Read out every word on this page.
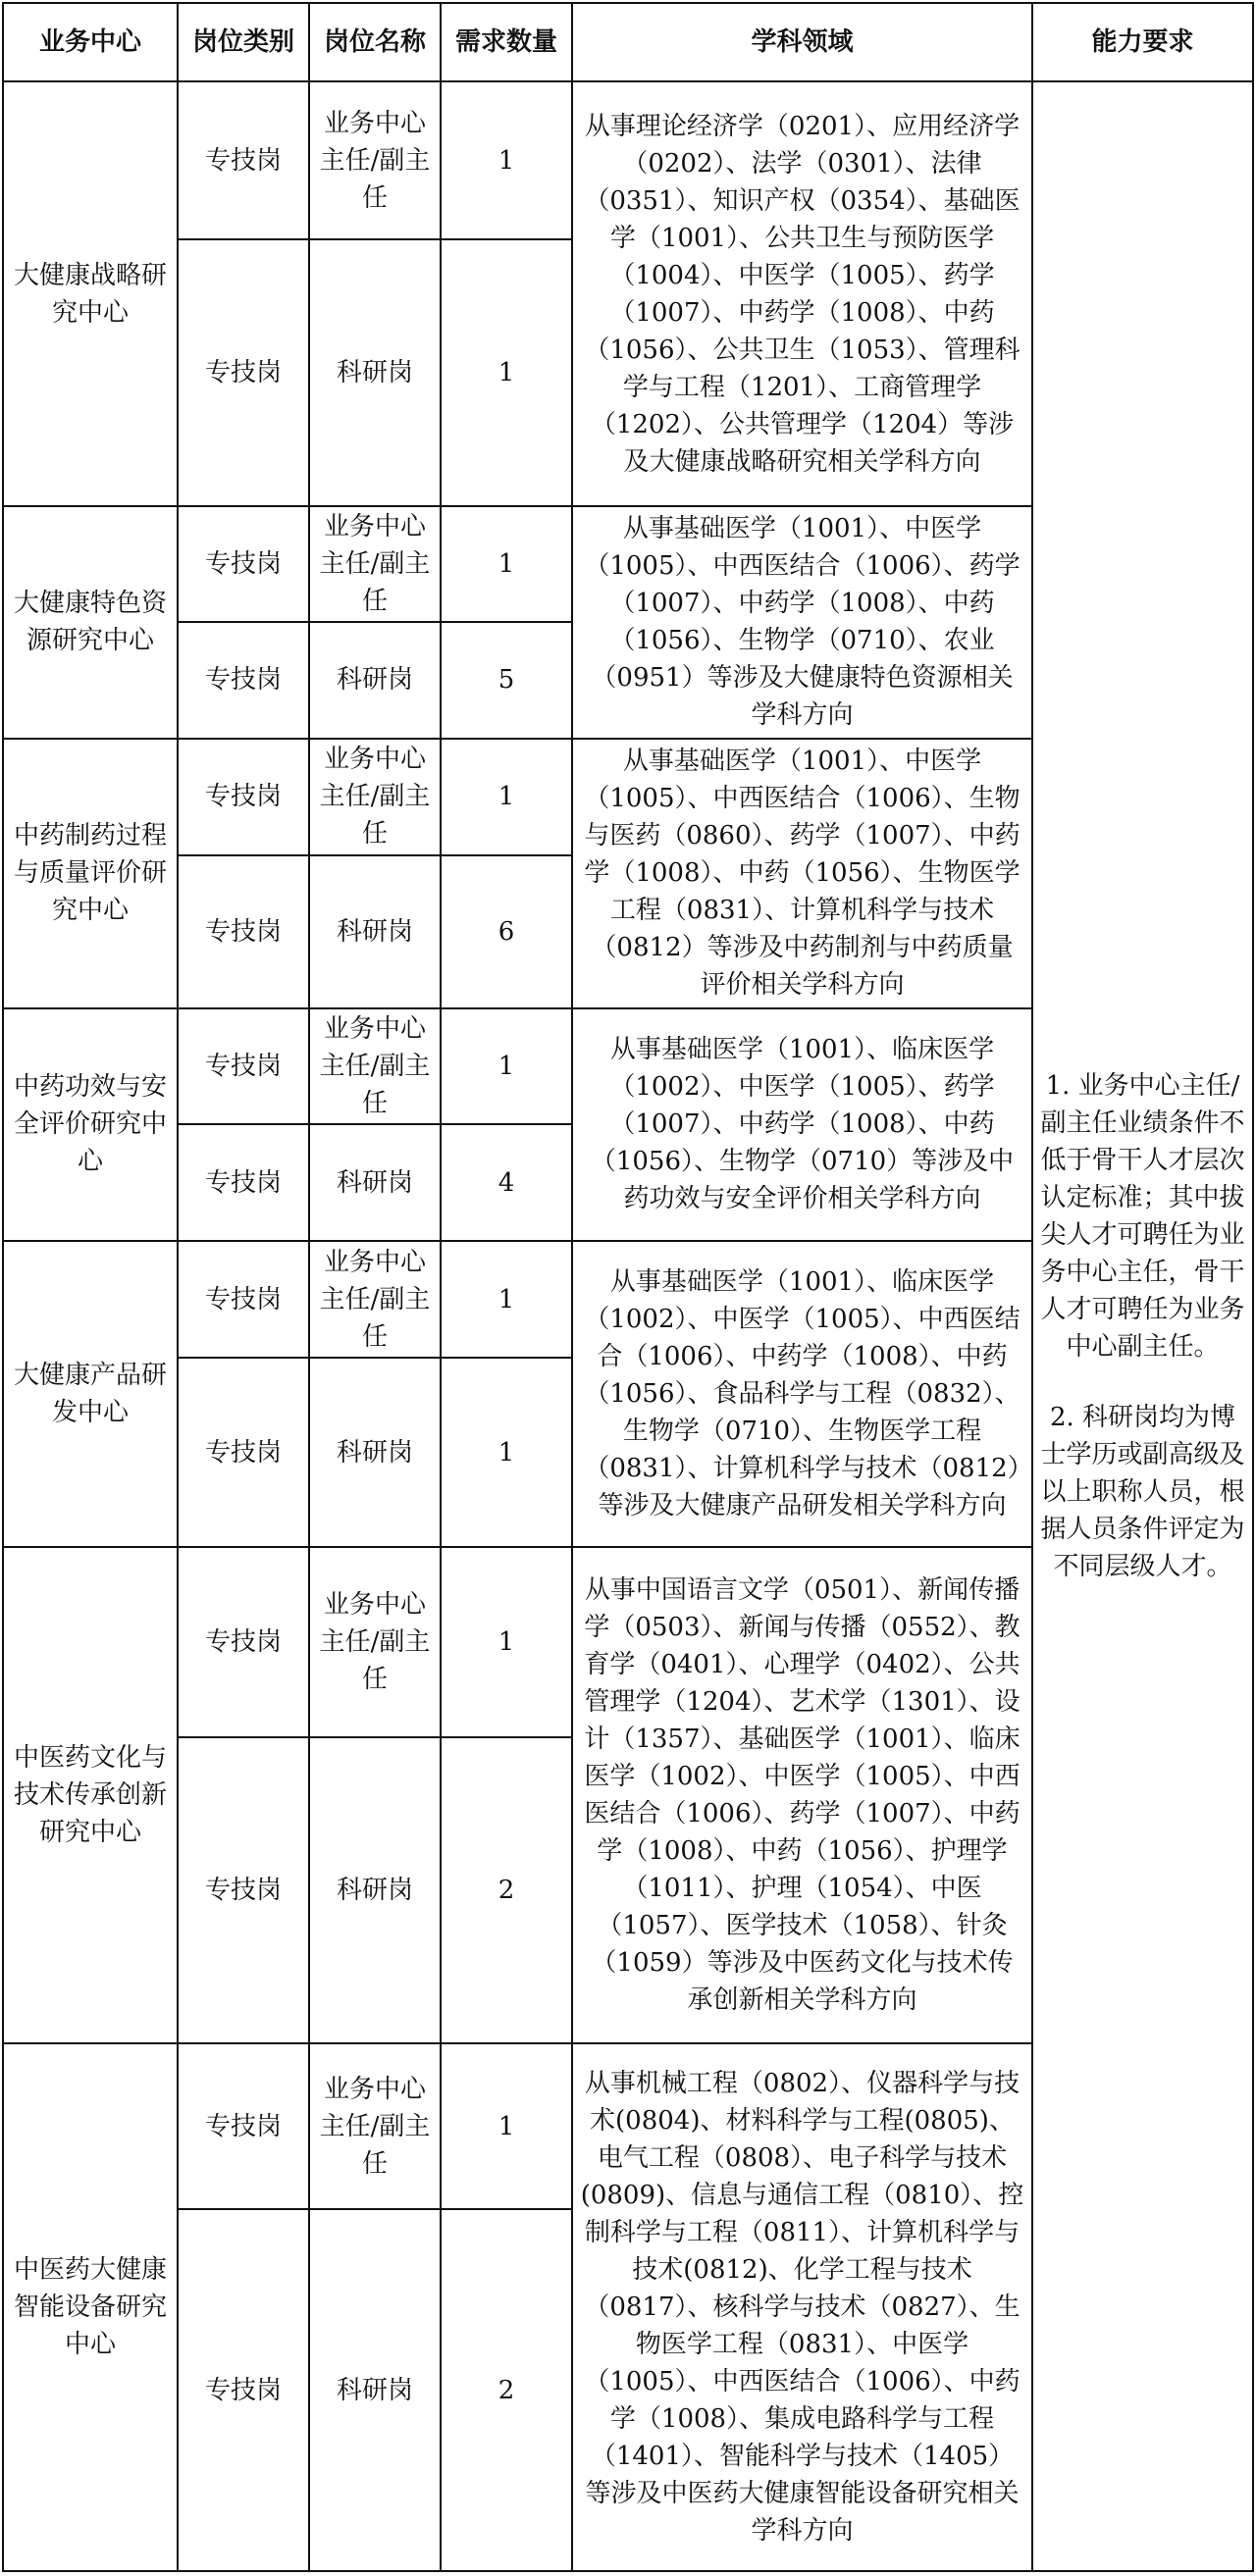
业务中心	岗位类别	岗位名称	需求数量	学科领域	能力要求
大健康战略研究中心	专技岗	业务中心主任/副主任	1	从事理论经济学（0201）、应用经济学（0202）、法学（0301）、法律（0351）、知识产权（0354）、基础医学（1001）、公共卫生与预防医学（1004）、中医学（1005）、药学（1007）、中药学（1008）、中药（1056）、公共卫生（1053）、管理科学与工程（1201）、工商管理学（1202）、公共管理学（1204）等涉及大健康战略研究相关学科方向	1. 业务中心主任/副主任业绩条件不低于骨干人才层次认定标准；其中拔尖人才可聘任为业务中心主任，骨干人才可聘任为业务中心副主任。

2. 科研岗均为博士学历或副高级及以上职称人员，根据人员条件评定为不同层级人才。

	专技岗	科研岗	1		
大健康特色资源研究中心	专技岗	业务中心主任/副主任	1	从事基础医学（1001）、中医学（1005）、中西医结合（1006）、药学（1007）、中药学（1008）、中药（1056）、生物学（0710）、农业（0951）等涉及大健康特色资源相关学科方向	
	专技岗	科研岗	5		
中药制药过程与质量评价研究中心	专技岗	业务中心主任/副主任	1	从事基础医学（1001）、中医学（1005）、中西医结合（1006）、生物与医药（0860）、药学（1007）、中药学（1008）、中药（1056）、生物医学工程（0831）、计算机科学与技术（0812）等涉及中药制剂与中药质量评价相关学科方向	
	专技岗	科研岗	6		
中药功效与安全评价研究中心	专技岗	业务中心主任/副主任	1	从事基础医学（1001）、临床医学（1002）、中医学（1005）、药学（1007）、中药学（1008）、中药（1056）、生物学（0710）等涉及中药功效与安全评价相关学科方向	
	专技岗	科研岗	4		
大健康产品研发中心	专技岗	业务中心主任/副主任	1	从事基础医学（1001）、临床医学（1002）、中医学（1005）、中西医结合（1006）、中药学（1008）、中药（1056）、食品科学与工程（0832）、生物学（0710）、生物医学工程（0831）、计算机科学与技术（0812）等涉及大健康产品研发相关学科方向	
	专技岗	科研岗	1		
中医药文化与技术传承创新研究中心	专技岗	业务中心主任/副主任	1	从事中国语言文学（0501）、新闻传播学（0503）、新闻与传播（0552）、教育学（0401）、心理学（0402）、公共管理学（1204）、艺术学（1301）、设计（1357）、基础医学（1001）、临床医学（1002）、中医学（1005）、中西医结合（1006）、药学（1007）、中药学（1008）、中药（1056）、护理学（1011）、护理（1054）、中医（1057）、医学技术（1058）、针灸（1059）等涉及中医药文化与技术传承创新相关学科方向	
	专技岗	科研岗	2		
中医药大健康智能设备研究中心	专技岗	业务中心主任/副主任	1	从事机械工程（0802）、仪器科学与技术(0804)、材料科学与工程(0805)、电气工程（0808）、电子科学与技术(0809)、信息与通信工程（0810）、控制科学与工程（0811）、计算机科学与技术(0812)、化学工程与技术（0817）、核科学与技术（0827）、生物医学工程（0831）、中医学（1005）、中西医结合（1006）、中药学（1008）、集成电路科学与工程（1401）、智能科学与技术（1405）等涉及中医药大健康智能设备研究相关学科方向	
	专技岗	科研岗	2		
